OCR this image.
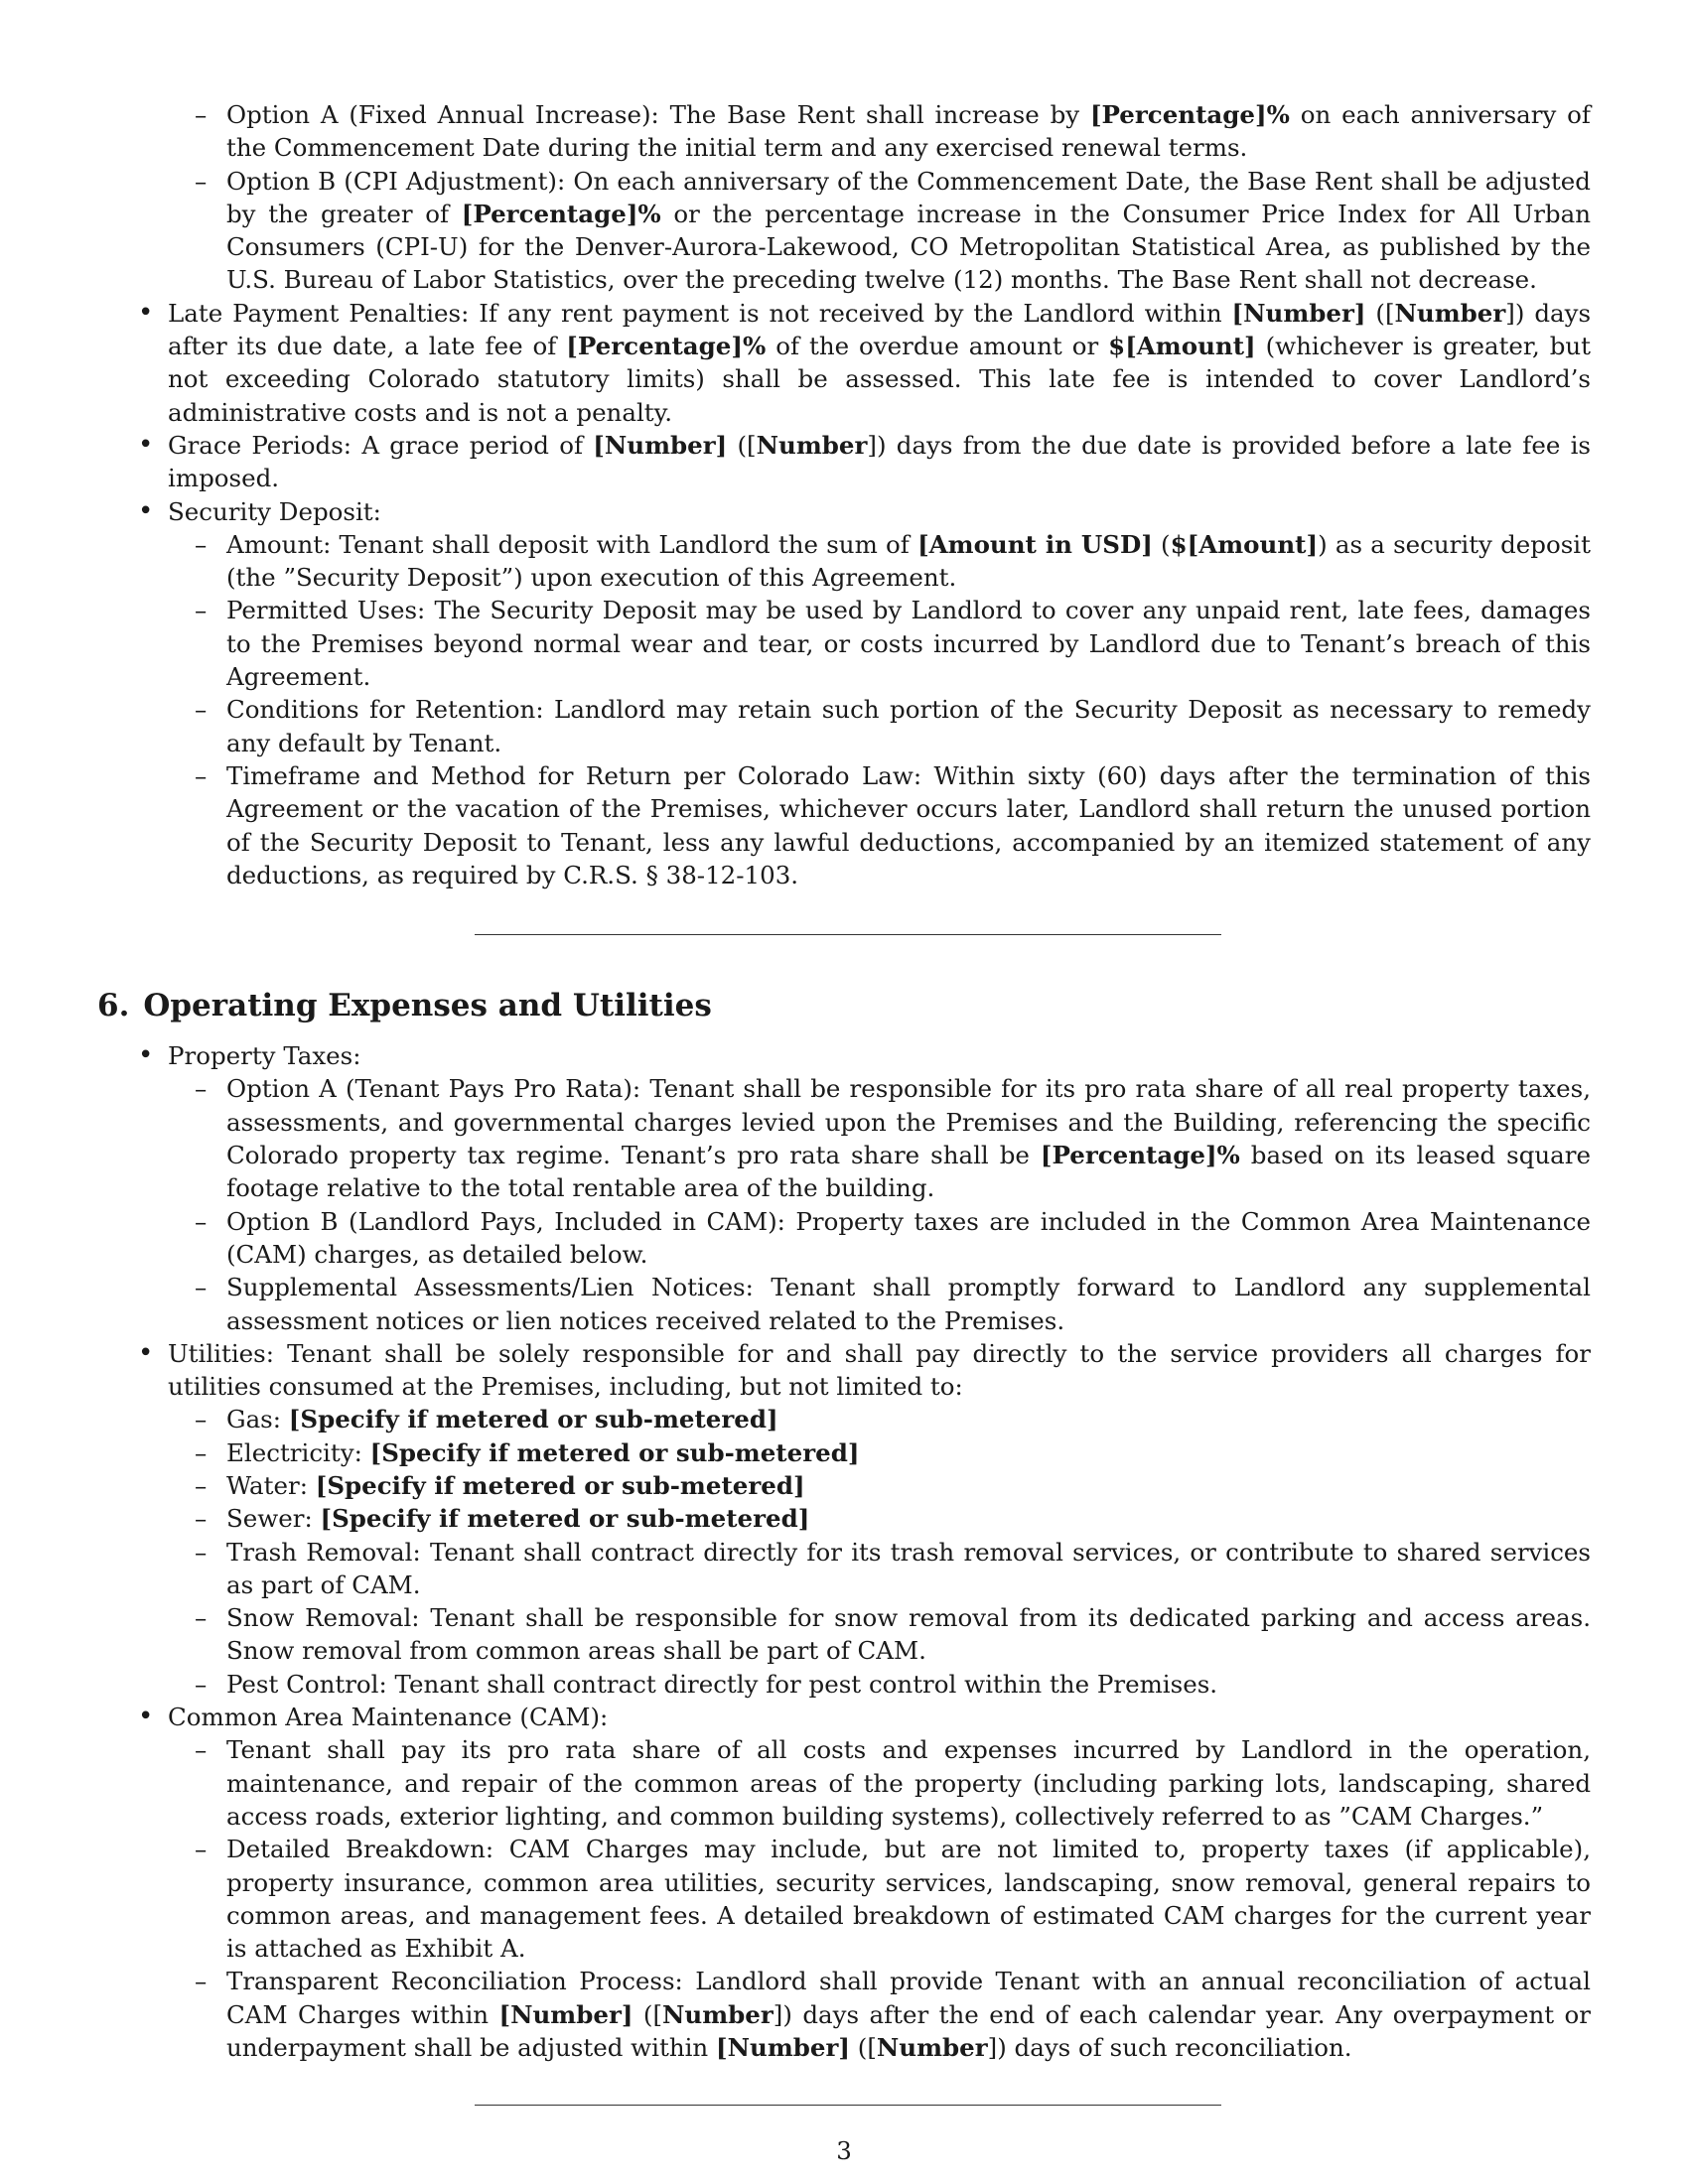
– Option A (Fixed Annual Increase): The Base Rent shall increase by [Percentage]% on each anniversary of the Commencement Date during the initial term and any exercised renewal terms.
– Option B (CPI Adjustment): On each anniversary of the Commencement Date, the Base Rent shall be adjusted by the greater of [Percentage]% or the percentage increase in the Consumer Price Index for All Urban Consumers (CPI-U) for the Denver-Aurora-Lakewood, CO Metropolitan Statistical Area, as published by the U.S. Bureau of Labor Statistics, over the preceding twelve (12) months. The Base Rent shall not decrease.
• Late Payment Penalties: If any rent payment is not received by the Landlord within [Number] ([Number]) days after its due date, a late fee of [Percentage]% of the overdue amount or $[Amount] (whichever is greater, but not exceeding Colorado statutory limits) shall be assessed. This late fee is intended to cover Landlord’s administrative costs and is not a penalty.
• Grace Periods: A grace period of [Number] ([Number]) days from the due date is provided before a late fee is imposed.
• Security Deposit:
– Amount: Tenant shall deposit with Landlord the sum of [Amount in USD] ($[Amount]) as a security deposit (the ”Security Deposit”) upon execution of this Agreement.
– Permitted Uses: The Security Deposit may be used by Landlord to cover any unpaid rent, late fees, damages to the Premises beyond normal wear and tear, or costs incurred by Landlord due to Tenant’s breach of this Agreement.
– Conditions for Retention: Landlord may retain such portion of the Security Deposit as necessary to remedy any default by Tenant.
– Timeframe and Method for Return per Colorado Law: Within sixty (60) days after the termination of this Agreement or the vacation of the Premises, whichever occurs later, Landlord shall return the unused portion of the Security Deposit to Tenant, less any lawful deductions, accompanied by an itemized statement of any deductions, as required by C.R.S. § 38-12-103.
6. Operating Expenses and Utilities
• Property Taxes:
– Option A (Tenant Pays Pro Rata): Tenant shall be responsible for its pro rata share of all real property taxes, assessments, and governmental charges levied upon the Premises and the Building, referencing the specific Colorado property tax regime. Tenant’s pro rata share shall be [Percentage]% based on its leased square footage relative to the total rentable area of the building.
– Option B (Landlord Pays, Included in CAM): Property taxes are included in the Common Area Maintenance (CAM) charges, as detailed below.
– Supplemental Assessments/Lien Notices: Tenant shall promptly forward to Landlord any supplemental assessment notices or lien notices received related to the Premises.
• Utilities: Tenant shall be solely responsible for and shall pay directly to the service providers all charges for utilities consumed at the Premises, including, but not limited to:
– Gas: [Specify if metered or sub-metered]
– Electricity: [Specify if metered or sub-metered]
– Water: [Specify if metered or sub-metered]
– Sewer: [Specify if metered or sub-metered]
– Trash Removal: Tenant shall contract directly for its trash removal services, or contribute to shared services as part of CAM.
– Snow Removal: Tenant shall be responsible for snow removal from its dedicated parking and access areas. Snow removal from common areas shall be part of CAM.
– Pest Control: Tenant shall contract directly for pest control within the Premises.
• Common Area Maintenance (CAM):
– Tenant shall pay its pro rata share of all costs and expenses incurred by Landlord in the operation, maintenance, and repair of the common areas of the property (including parking lots, landscaping, shared access roads, exterior lighting, and common building systems), collectively referred to as ”CAM Charges.”
– Detailed Breakdown: CAM Charges may include, but are not limited to, property taxes (if applicable), property insurance, common area utilities, security services, landscaping, snow removal, general repairs to common areas, and management fees. A detailed breakdown of estimated CAM charges for the current year is attached as Exhibit A.
– Transparent Reconciliation Process: Landlord shall provide Tenant with an annual reconciliation of actual CAM Charges within [Number] ([Number]) days after the end of each calendar year. Any overpayment or underpayment shall be adjusted within [Number] ([Number]) days of such reconciliation.
3
